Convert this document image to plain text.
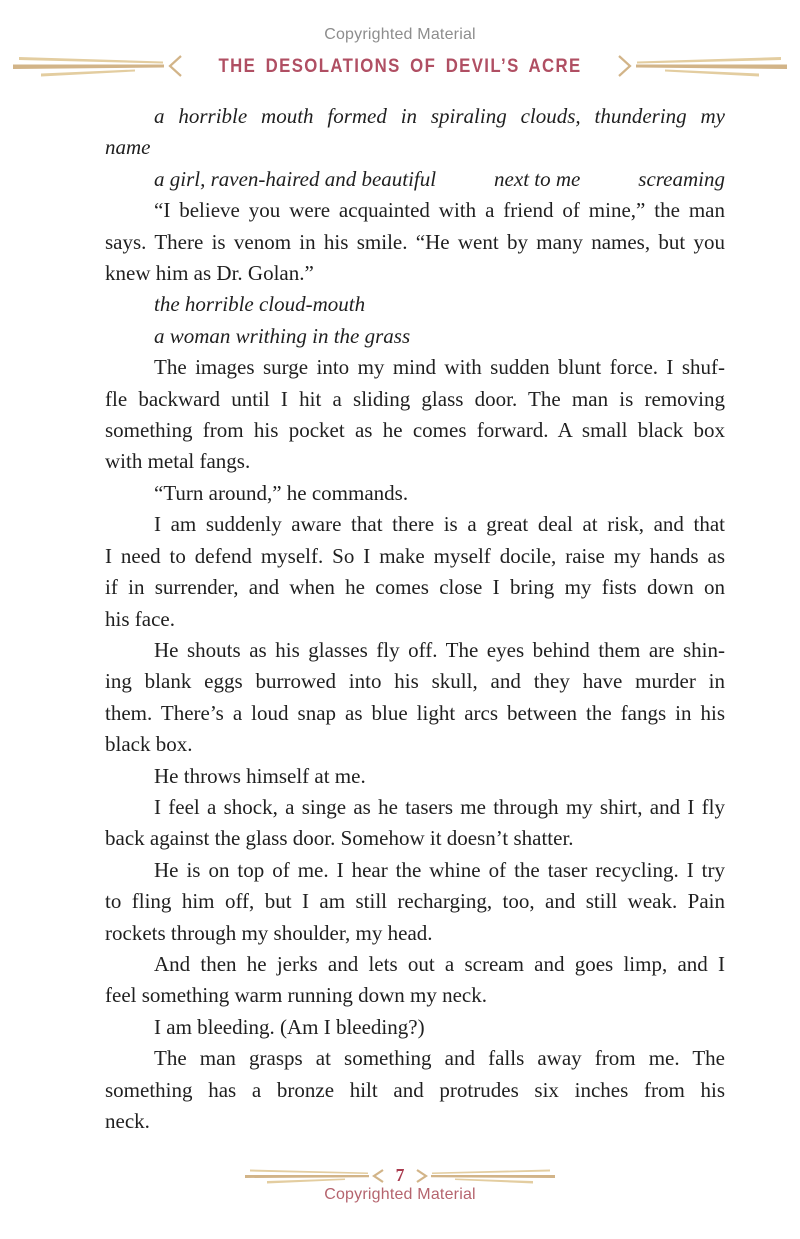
Copyrighted Material
THE DESOLATIONS OF DEVIL’S ACRE
a horrible mouth formed in spiraling clouds, thundering my
name
a girl, raven-haired and beautiful	next to me	screaming
“I believe you were acquainted with a friend of mine,” the man
says. There is venom in his smile. “He went by many names, but you
knew him as Dr. Golan.”
the horrible cloud-mouth
a woman writhing in the grass
The images surge into my mind with sudden blunt force. I shuf-
fle backward until I hit a sliding glass door. The man is removing
something from his pocket as he comes forward. A small black box
with metal fangs.
“Turn around,” he commands.
I am suddenly aware that there is a great deal at risk, and that
I need to defend myself. So I make myself docile, raise my hands as
if in surrender, and when he comes close I bring my fists down on
his face.
He shouts as his glasses fly off. The eyes behind them are shin-
ing blank eggs burrowed into his skull, and they have murder in
them. There’s a loud snap as blue light arcs between the fangs in his
black box.
He throws himself at me.
I feel a shock, a singe as he tasers me through my shirt, and I fly
back against the glass door. Somehow it doesn’t shatter.
He is on top of me. I hear the whine of the taser recycling. I try
to fling him off, but I am still recharging, too, and still weak. Pain
rockets through my shoulder, my head.
And then he jerks and lets out a scream and goes limp, and I
feel something warm running down my neck.
I am bleeding. (Am I bleeding?)
The man grasps at something and falls away from me. The
something has a bronze hilt and protrudes six inches from his
neck.
7
Copyrighted Material
